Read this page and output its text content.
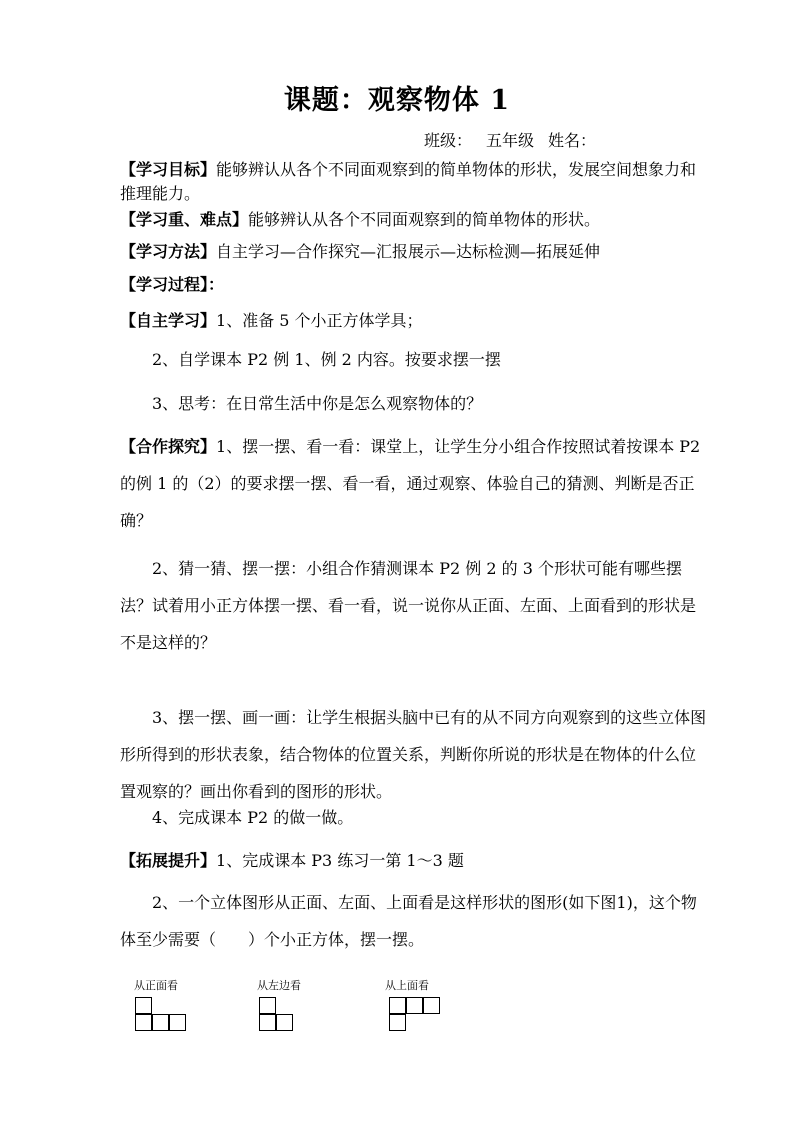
课题：观察物体 1
班级： 五年级 姓名：
【学习目标】能够辨认从各个不同面观察到的简单物体的形状，发展空间想象力和推理能力。
【学习重、难点】能够辨认从各个不同面观察到的简单物体的形状。
【学习方法】自主学习—合作探究—汇报展示—达标检测—拓展延伸
【学习过程】：
【自主学习】1、准备 5 个小正方体学具；
2、自学课本 P2 例 1、例 2 内容。按要求摆一摆
3、思考：在日常生活中你是怎么观察物体的？
【合作探究】1、摆一摆、看一看：课堂上，让学生分小组合作按照试着按课本 P2 的例 1 的（2）的要求摆一摆、看一看，通过观察、体验自己的猜测、判断是否正确？
2、猜一猜、摆一摆：小组合作猜测课本 P2 例 2 的 3 个形状可能有哪些摆法？试着用小正方体摆一摆、看一看，说一说你从正面、左面、上面看到的形状是不是这样的？
3、摆一摆、画一画：让学生根据头脑中已有的从不同方向观察到的这些立体图形所得到的形状表象，结合物体的位置关系，判断你所说的形状是在物体的什么位置观察的？画出你看到的图形的形状。
4、完成课本 P2 的做一做。
【拓展提升】1、完成课本 P3 练习一第 1～3 题
2、一个立体图形从正面、左面、上面看是这样形状的图形(如下图1)，这个物体至少需要（　　）个小正方体，摆一摆。
从正面看	从左边看	从上面看
